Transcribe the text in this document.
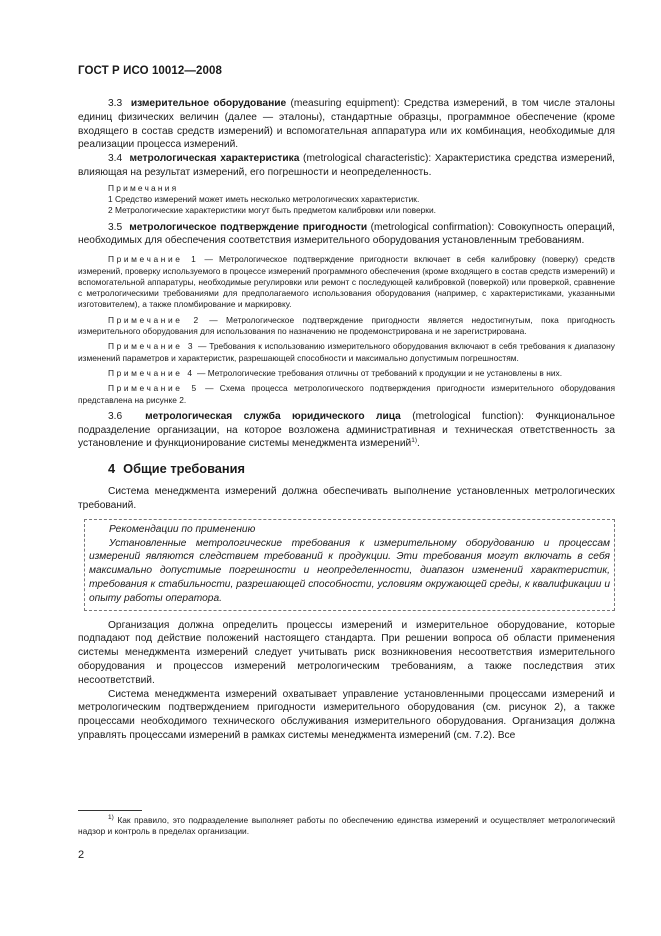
ГОСТ Р ИСО 10012—2008

3.3 измерительное оборудование (measuring equipment): Средства измерений, в том числе эталоны единиц физических величин (далее — эталоны), стандартные образцы, программное обеспечение (кроме входящего в состав средств измерений) и вспомогательная аппаратура или их комбинация, необходимые для реализации процесса измерений.

3.4 метрологическая характеристика (metrological characteristic): Характеристика средства измерений, влияющая на результат измерений, его погрешности и неопределенность.

Примечания
1 Средство измерений может иметь несколько метрологических характеристик.
2 Метрологические характеристики могут быть предметом калибровки или поверки.

3.5 метрологическое подтверждение пригодности (metrological confirmation): Совокупность операций, необходимых для обеспечения соответствия измерительного оборудования установленным требованиям.

Примечание 1 — Метрологическое подтверждение пригодности включает в себя калибровку (поверку) средств измерений, проверку используемого в процессе измерений программного обеспечения (кроме входящего в состав средств измерений) и вспомогательной аппаратуры, необходимые регулировки или ремонт с последующей калибровкой (поверкой) или проверкой, сравнение с метрологическими требованиями для предполагаемого использования оборудования (например, с характеристиками, указанными изготовителем), а также пломбирование и маркировку.

Примечание 2 — Метрологическое подтверждение пригодности является недостигнутым, пока пригодность измерительного оборудования для использования по назначению не продемонстрирована и не зарегистрирована.

Примечание 3 — Требования к использованию измерительного оборудования включают в себя требования к диапазону изменений параметров и характеристик, разрешающей способности и максимально допустимым погрешностям.

Примечание 4 — Метрологические требования отличны от требований к продукции и не установлены в них.

Примечание 5 — Схема процесса метрологического подтверждения пригодности измерительного оборудования представлена на рисунке 2.

3.6 метрологическая служба юридического лица (metrological function): Функциональное подразделение организации, на которое возложена административная и техническая ответственность за установление и функционирование системы менеджмента измерений$^{1)}$.

4 Общие требования

Система менеджмента измерений должна обеспечивать выполнение установленных метрологических требований.

Рекомендации по применению

Установленные метрологические требования к измерительному оборудованию и процессам измерений являются следствием требований к продукции. Эти требования могут включать в себя максимально допустимые погрешности и неопределенности, диапазон изменений характеристик, требования к стабильности, разрешающей способности, условиям окружающей среды, к квалификации и опыту работы оператора.

Организация должна определить процессы измерений и измерительное оборудование, которые подпадают под действие положений настоящего стандарта. При решении вопроса об области применения системы менеджмента измерений следует учитывать риск возникновения несоответствия измерительного оборудования и процессов измерений метрологическим требованиям, а также последствия этих несоответствий.

Система менеджмента измерений охватывает управление установленными процессами измерений и метрологическим подтверждением пригодности измерительного оборудования (см. рисунок 2), а также процессами необходимого технического обслуживания измерительного оборудования. Организация должна управлять процессами измерений в рамках системы менеджмента измерений (см. 7.2). Все

$^{1)}$ Как правило, это подразделение выполняет работы по обеспечению единства измерений и осуществляет метрологический надзор и контроль в пределах организации.

2
